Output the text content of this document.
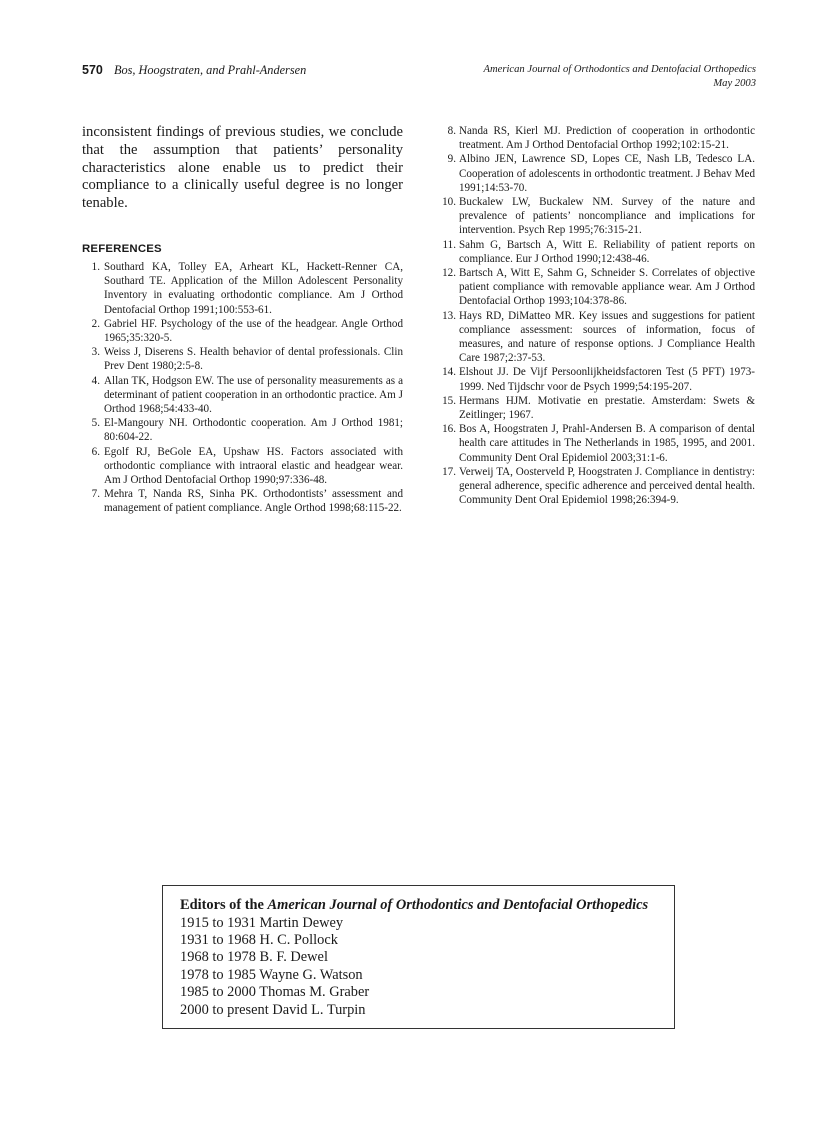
570 Bos, Hoogstraten, and Prahl-Andersen	American Journal of Orthodontics and Dentofacial Orthopedics
May 2003

inconsistent findings of previous studies, we conclude that the assumption that patients’ personality characteristics alone enable us to predict their compliance to a clinically useful degree is no longer tenable.

REFERENCES
1. Southard KA, Tolley EA, Arheart KL, Hackett-Renner CA, Southard TE. Application of the Millon Adolescent Personality Inventory in evaluating orthodontic compliance. Am J Orthod Dentofacial Orthop 1991;100:553-61.
2. Gabriel HF. Psychology of the use of the headgear. Angle Orthod 1965;35:320-5.
3. Weiss J, Diserens S. Health behavior of dental professionals. Clin Prev Dent 1980;2:5-8.
4. Allan TK, Hodgson EW. The use of personality measurements as a determinant of patient cooperation in an orthodontic practice. Am J Orthod 1968;54:433-40.
5. El-Mangoury NH. Orthodontic cooperation. Am J Orthod 1981; 80:604-22.
6. Egolf RJ, BeGole EA, Upshaw HS. Factors associated with orthodontic compliance with intraoral elastic and headgear wear. Am J Orthod Dentofacial Orthop 1990;97:336-48.
7. Mehra T, Nanda RS, Sinha PK. Orthodontists’ assessment and management of patient compliance. Angle Orthod 1998;68:115-22.
8. Nanda RS, Kierl MJ. Prediction of cooperation in orthodontic treatment. Am J Orthod Dentofacial Orthop 1992;102:15-21.
9. Albino JEN, Lawrence SD, Lopes CE, Nash LB, Tedesco LA. Cooperation of adolescents in orthodontic treatment. J Behav Med 1991;14:53-70.
10. Buckalew LW, Buckalew NM. Survey of the nature and prevalence of patients’ noncompliance and implications for intervention. Psych Rep 1995;76:315-21.
11. Sahm G, Bartsch A, Witt E. Reliability of patient reports on compliance. Eur J Orthod 1990;12:438-46.
12. Bartsch A, Witt E, Sahm G, Schneider S. Correlates of objective patient compliance with removable appliance wear. Am J Orthod Dentofacial Orthop 1993;104:378-86.
13. Hays RD, DiMatteo MR. Key issues and suggestions for patient compliance assessment: sources of information, focus of measures, and nature of response options. J Compliance Health Care 1987;2:37-53.
14. Elshout JJ. De Vijf Persoonlijkheidsfactoren Test (5 PFT) 1973-1999. Ned Tijdschr voor de Psych 1999;54:195-207.
15. Hermans HJM. Motivatie en prestatie. Amsterdam: Swets & Zeitlinger; 1967.
16. Bos A, Hoogstraten J, Prahl-Andersen B. A comparison of dental health care attitudes in The Netherlands in 1985, 1995, and 2001. Community Dent Oral Epidemiol 2003;31:1-6.
17. Verweij TA, Oosterveld P, Hoogstraten J. Compliance in dentistry: general adherence, specific adherence and perceived dental health. Community Dent Oral Epidemiol 1998;26:394-9.
Editors of the American Journal of Orthodontics and Dentofacial Orthopedics
1915 to 1931 Martin Dewey
1931 to 1968 H. C. Pollock
1968 to 1978 B. F. Dewel
1978 to 1985 Wayne G. Watson
1985 to 2000 Thomas M. Graber
2000 to present David L. Turpin
